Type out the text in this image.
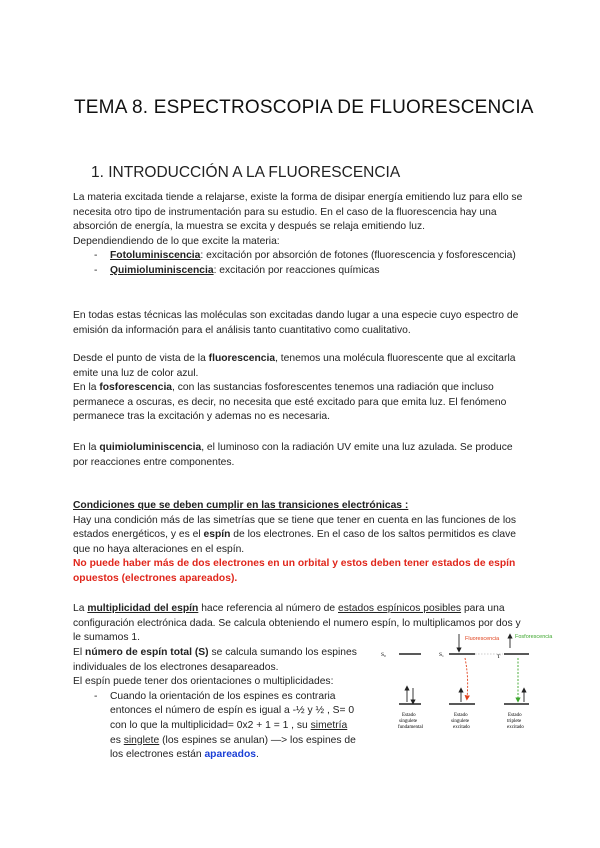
TEMA 8. ESPECTROSCOPIA DE FLUORESCENCIA
1. INTRODUCCIÓN A LA FLUORESCENCIA

La materia excitada tiende a relajarse, existe la forma de disipar energía emitiendo luz para ello se necesita otro tipo de instrumentación para su estudio. En el caso de la fluorescencia hay una absorción de energía, la muestra se excita y después se relaja emitiendo luz.

Dependiendiendo de lo que excite la materia:

- Fotoluminiscencia: excitación por absorción de fotones (fluorescencia y fosforescencia)
- Quimioluminiscencia: excitación por reacciones químicas

En todas estas técnicas las moléculas son excitadas dando lugar a una especie cuyo espectro de emisión da información para el análisis tanto cuantitativo como cualitativo.

Desde el punto de vista de la fluorescencia, tenemos una molécula fluorescente que al excitarla emite una luz de color azul.

En la fosforescencia, con las sustancias fosforescentes tenemos una radiación que incluso permanece a oscuras, es decir, no necesita que esté excitado para que emita luz. El fenómeno permanece tras la excitación y ademas no es necesaria.

En la quimioluminiscencia, el luminoso con la radiación UV emite una luz azulada. Se produce por reacciones entre componentes.

Condiciones que se deben cumplir en las transiciones electrónicas :

Hay una condición más de las simetrías que se tiene que tener en cuenta en las funciones de los estados energéticos, y es el espín de los electrones. En el caso de los saltos permitidos es clave que no haya alteraciones en el espín.

No puede haber más de dos electrones en un orbital y estos deben tener estados de espín opuestos (electrones apareados).

La multiplicidad del espín hace referencia al número de estados espínicos posibles para una configuración electrónica dada. Se calcula obteniendo el numero espín, lo multiplicamos por dos y le sumamos 1.

El número de espín total (S) se calcula sumando los espines individuales de los electrones desapareados.

El espín puede tener dos orientaciones o multiplicidades:

- Cuando la orientación de los espines es contraria entonces el número de espín es igual a -½ y ½ , S= 0 con lo que la multiplicidad= 0x2 + 1 = 1 , su simetría es singlete (los espines se anulan) —> los espines de los electrones están apareados.
S₀
Estado
singulete
fundamental
S₁
Fluorescencia
Estado
singulete
excitado
T
Fosforescencia
Estado
triplete
excitado
